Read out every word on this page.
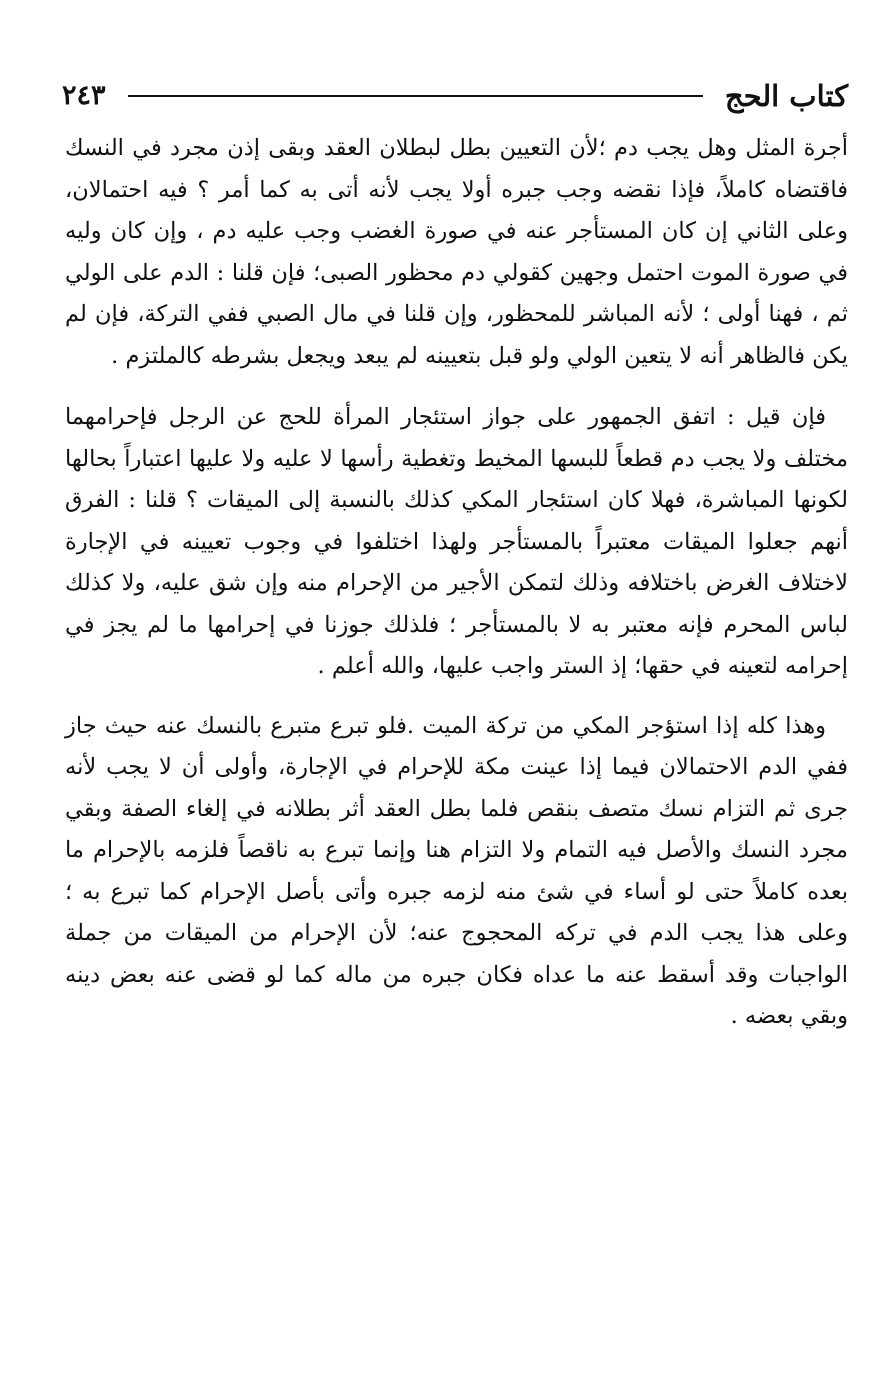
كتاب الحج
٢٤٣

أجرة المثل وهل يجب دم ؛لأن التعيين بطل لبطلان العقد وبقى إذن مجرد في النسك فاقتضاه كاملاً، فإذا نقضه وجب جبره أولا يجب لأنه أتى به كما أمر ؟ فيه احتمالان، وعلى الثاني إن كان المستأجر عنه في صورة الغضب وجب عليه دم ، وإن كان وليه في صورة الموت احتمل وجهين كقولي دم محظور الصبى؛ فإن قلنا : الدم على الولي ثم ، فهنا أولى ؛ لأنه المباشر للمحظور، وإن قلنا في مال الصبي ففي التركة، فإن لم يكن فالظاهر أنه لا يتعين الولي ولو قبل بتعيينه لم يبعد ويجعل بشرطه كالملتزم .

فإن قيل : اتفق الجمهور على جواز استئجار المرأة للحج عن الرجل فإحرامهما مختلف ولا يجب دم قطعاً للبسها المخيط وتغطية رأسها لا عليه ولا عليها اعتباراً بحالها لكونها المباشرة، فهلا كان استئجار المكي كذلك بالنسبة إلى الميقات ؟ قلنا : الفرق أنهم جعلوا الميقات معتبراً بالمستأجر ولهذا اختلفوا في وجوب تعيينه في الإجارة لاختلاف الغرض باختلافه وذلك لتمكن الأجير من الإحرام منه وإن شق عليه، ولا كذلك لباس المحرم فإنه معتبر به لا بالمستأجر ؛ فلذلك جوزنا في إحرامها ما لم يجز في إحرامه لتعينه في حقها؛ إذ الستر واجب عليها، والله أعلم .

وهذا كله إذا استؤجر المكي من تركة الميت .فلو تبرع متبرع بالنسك عنه حيث جاز ففي الدم الاحتمالان فيما إذا عينت مكة للإحرام في الإجارة، وأولى أن لا يجب لأنه جرى ثم التزام نسك متصف بنقص فلما بطل العقد أثر بطلانه في إلغاء الصفة وبقي مجرد النسك والأصل فيه التمام ولا التزام هنا وإنما تبرع به ناقصاً فلزمه بالإحرام ما بعده كاملاً حتى لو أساء في شئ منه لزمه جبره وأتى بأصل الإحرام كما تبرع به ؛ وعلى هذا يجب الدم في تركه المحجوج عنه؛ لأن الإحرام من الميقات من جملة الواجبات وقد أسقط عنه ما عداه فكان جبره من ماله كما لو قضى عنه بعض دينه وبقي بعضه .
